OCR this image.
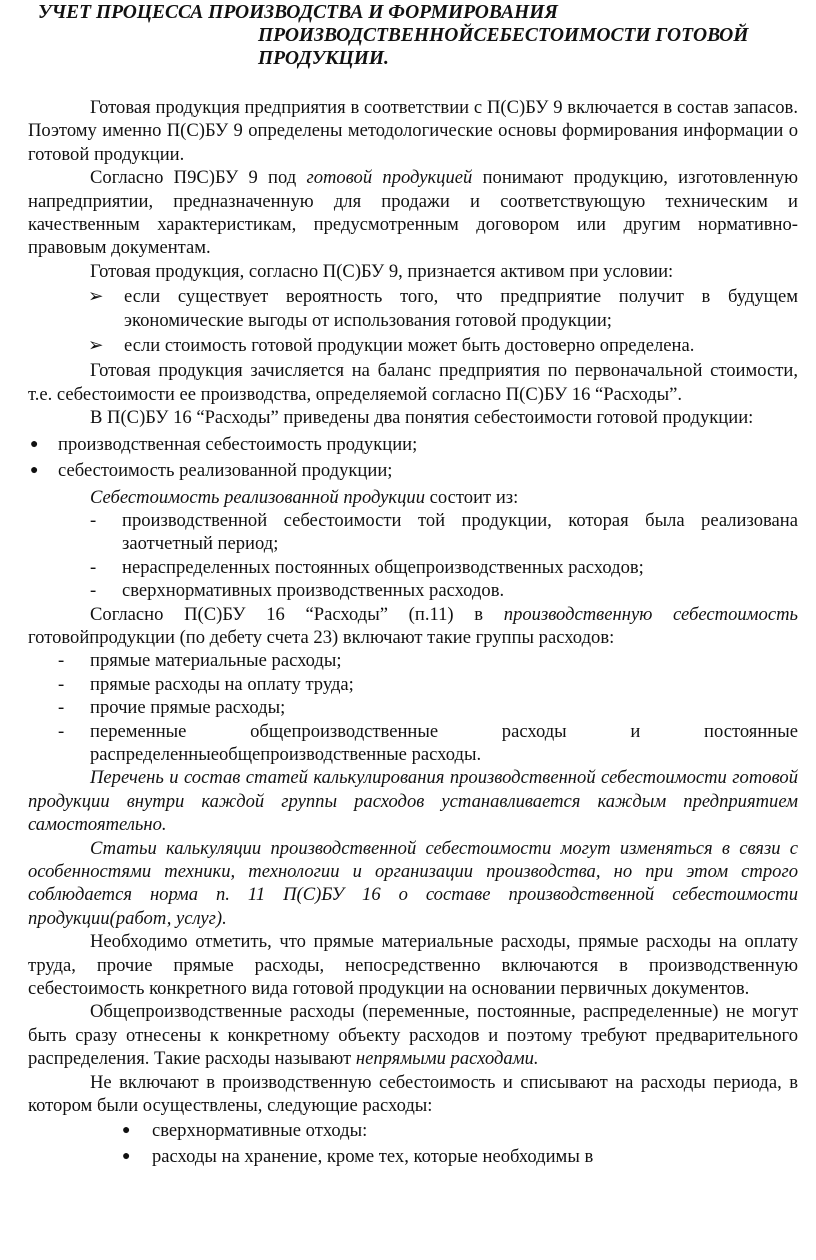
УЧЕТ ПРОЦЕССА ПРОИЗВОДСТВА И ФОРМИРОВАНИЯ
ПРОИЗВОДСТВЕННОЙСЕБЕСТОИМОСТИ ГОТОВОЙ
ПРОДУКЦИИ.

Готовая продукция предприятия в соответствии с П(С)БУ 9 включается в состав запасов. Поэтому именно П(С)БУ 9 определены методологические основы формирования информации о готовой продукции.

Согласно П9С)БУ 9 под готовой продукцией понимают продукцию, изготовленную напредприятии, предназначенную для продажи и соответствующую техническим и качественным характеристикам, предусмотренным договором или другим нормативно-правовым документам.

Готовая продукция, согласно П(С)БУ 9, признается активом при условии:

➢ если существует вероятность того, что предприятие получит в будущем экономические выгоды от использования готовой продукции;
➢ если стоимость готовой продукции может быть достоверно определена.

Готовая продукция зачисляется на баланс предприятия по первоначальной стоимости, т.е. себестоимости ее производства, определяемой согласно П(С)БУ 16 “Расходы”.

В П(С)БУ 16 “Расходы” приведены два понятия себестоимости готовой продукции:

● производственная себестоимость продукции;
● себестоимость реализованной продукции;

Себестоимость реализованной продукции состоит из:

- производственной себестоимости той продукции, которая была реализована заотчетный период;
- нераспределенных постоянных общепроизводственных расходов;
- сверхнормативных производственных расходов.

Согласно П(С)БУ 16 “Расходы” (п.11) в производственную себестоимость готовойпродукции (по дебету счета 23) включают такие группы расходов:

- прямые материальные расходы;
- прямые расходы на оплату труда;
- прочие прямые расходы;
- переменные общепроизводственные расходы и постоянные распределенныеобщепроизводственные расходы.

Перечень и состав статей калькулирования производственной себестоимости готовой продукции внутри каждой группы расходов устанавливается каждым предприятием самостоятельно.

Статьи калькуляции производственной себестоимости могут изменяться в связи с особенностями техники, технологии и организации производства, но при этом строго соблюдается норма п. 11 П(С)БУ 16 о составе производственной себестоимости продукции(работ, услуг).

Необходимо отметить, что прямые материальные расходы, прямые расходы на оплату труда, прочие прямые расходы, непосредственно включаются в производственную себестоимость конкретного вида готовой продукции на основании первичных документов.

Общепроизводственные расходы (переменные, постоянные, распределенные) не могут быть сразу отнесены к конкретному объекту расходов и поэтому требуют предварительного распределения. Такие расходы называют непрямыми расходами.

Не включают в производственную себестоимость и списывают на расходы периода, в котором были осуществлены, следующие расходы:

● сверхнормативные отходы:
● расходы на хранение, кроме тех, которые необходимы в
